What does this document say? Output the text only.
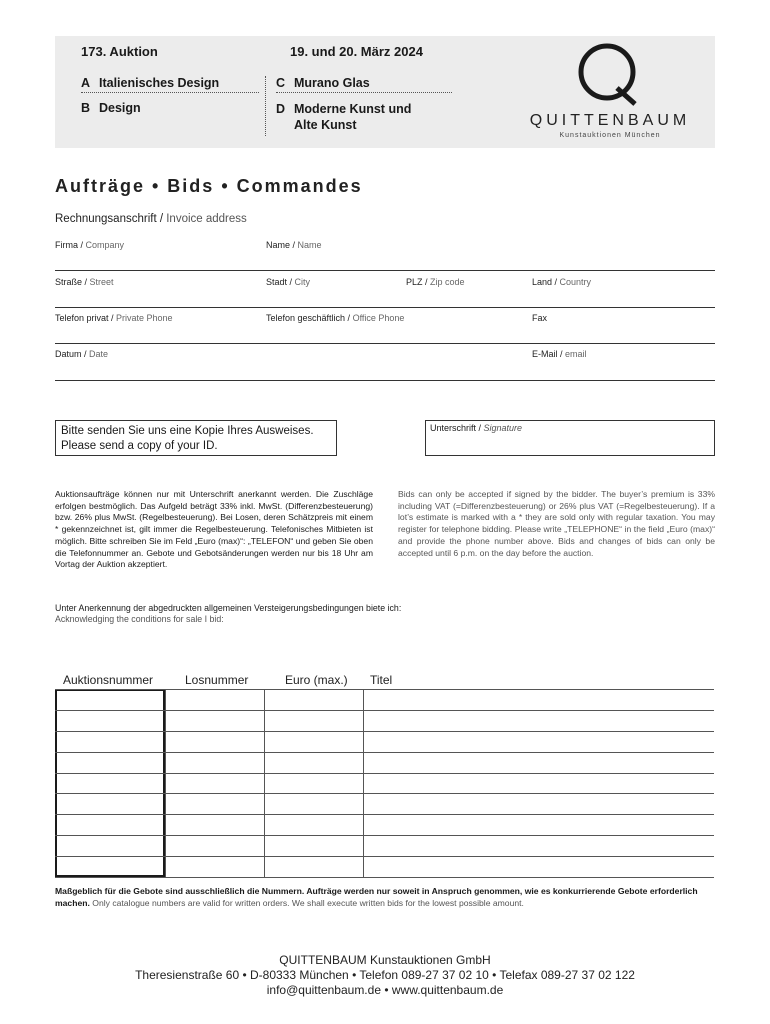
173. Auktion	19. und 20. März 2024
A Italienisches Design
B Design
C Murano Glas
D Moderne Kunst und Alte Kunst	QUITTENBAUM
Kunstauktionen München
Aufträge • Bids • Commandes
Rechnungsanschrift / Invoice address
Firma / Company	Name / Name
Straße / Street	Stadt / City	PLZ / Zip code	Land / Country
Telefon privat / Private Phone	Telefon geschäftlich / Office Phone	Fax
Datum / Date	E-Mail / email
Bitte senden Sie uns eine Kopie Ihres Ausweises.
Please send a copy of your ID.
Unterschrift / Signature
Auktionsaufträge können nur mit Unterschrift anerkannt werden. Die Zuschläge erfolgen bestmöglich. Das Aufgeld beträgt 33% inkl. MwSt. (Differenzbesteuerung) bzw. 26% plus MwSt. (Regelbesteuerung). Bei Losen, deren Schätzpreis mit einem * gekennzeichnet ist, gilt immer die Regelbesteuerung. Telefonisches Mitbieten ist möglich. Bitte schreiben Sie im Feld „Euro (max)“: „TELEFON“ und geben Sie oben die Telefonnummer an. Gebote und Gebotsänderungen werden nur bis 18 Uhr am Vortag der Auktion akzeptiert.
Bids can only be accepted if signed by the bidder. The buyer’s premium is 33% including VAT (=Differenzbesteuerung) or 26% plus VAT (=Regelbesteuerung). If a lot’s estimate is marked with a * they are sold only with regular taxation. You may register for telephone bidding. Please write „TELEPHONE“ in the field „Euro (max)“ and provide the phone number above. Bids and changes of bids can only be accepted until 6 p.m. on the day before the auction.
Unter Anerkennung der abgedruckten allgemeinen Versteigerungsbedingungen biete ich:
Acknowledging the conditions for sale I bid:
Auktionsnummer	Losnummer	Euro (max.) Titel
Maßgeblich für die Gebote sind ausschließlich die Nummern. Aufträge werden nur soweit in Anspruch genommen, wie es konkurrierende Gebote erforderlich machen. Only catalogue numbers are valid for written orders. We shall execute written bids for the lowest possible amount.
QUITTENBAUM Kunstauktionen GmbH
Theresienstraße 60 • D-80333 München • Telefon 089-27 37 02 10 • Telefax 089-27 37 02 122
info@quittenbaum.de • www.quittenbaum.de
